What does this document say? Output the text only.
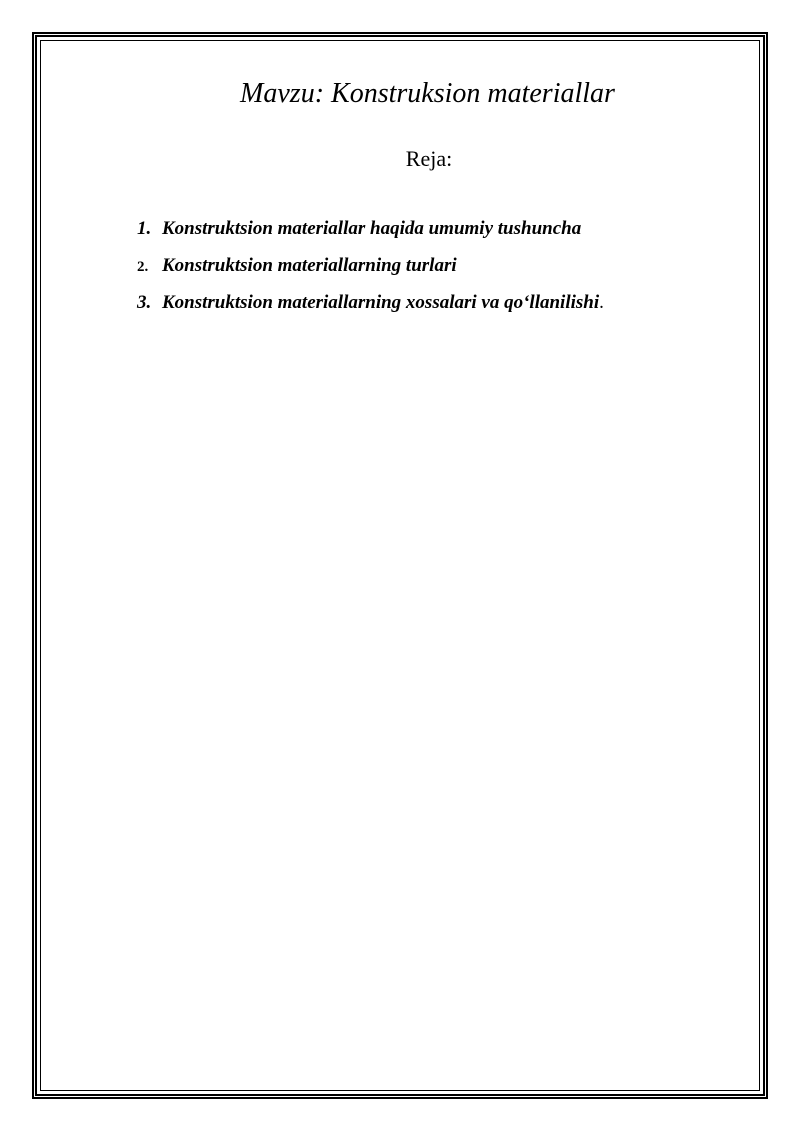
Mavzu: Konstruksion materiallar
Reja:
1. Konstruktsion materiallar haqida umumiy tushuncha
2. Konstruktsion materiallarning turlari
3. Konstruktsion materiallarning xossalari va qo‘llanilishi .
